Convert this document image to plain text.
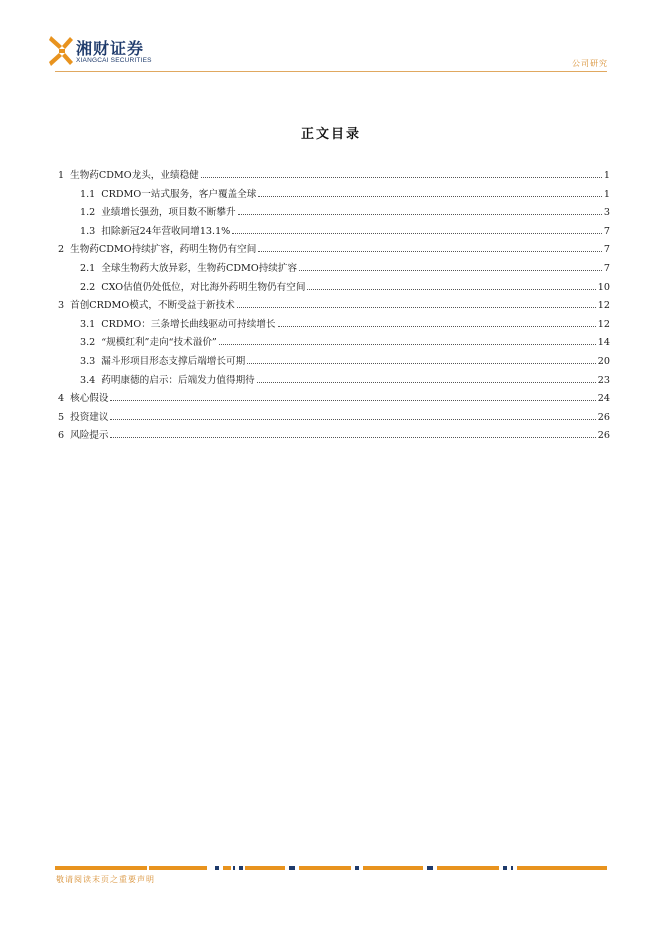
湘财证券
XIANGCAI SECURITIES	公司研究
正文目录
1 生物药CDMO龙头，业绩稳健	1
1.1 CRDMO一站式服务，客户覆盖全球	1
1.2 业绩增长强劲，项目数不断攀升	3
1.3 扣除新冠24年营收同增13.1%	7
2 生物药CDMO持续扩容，药明生物仍有空间	7
2.1 全球生物药大放异彩，生物药CDMO持续扩容	7
2.2 CXO估值仍处低位，对比海外药明生物仍有空间	10
3 首创CRDMO模式，不断受益于新技术	12
3.1 CRDMO：三条增长曲线驱动可持续增长	12
3.2 “规模红利”走向“技术溢价”	14
3.3 漏斗形项目形态支撑后端增长可期	20
3.4 药明康德的启示：后端发力值得期待	23
4 核心假设	24
5 投资建议	26
6 风险提示	26
敬请阅读末页之重要声明
